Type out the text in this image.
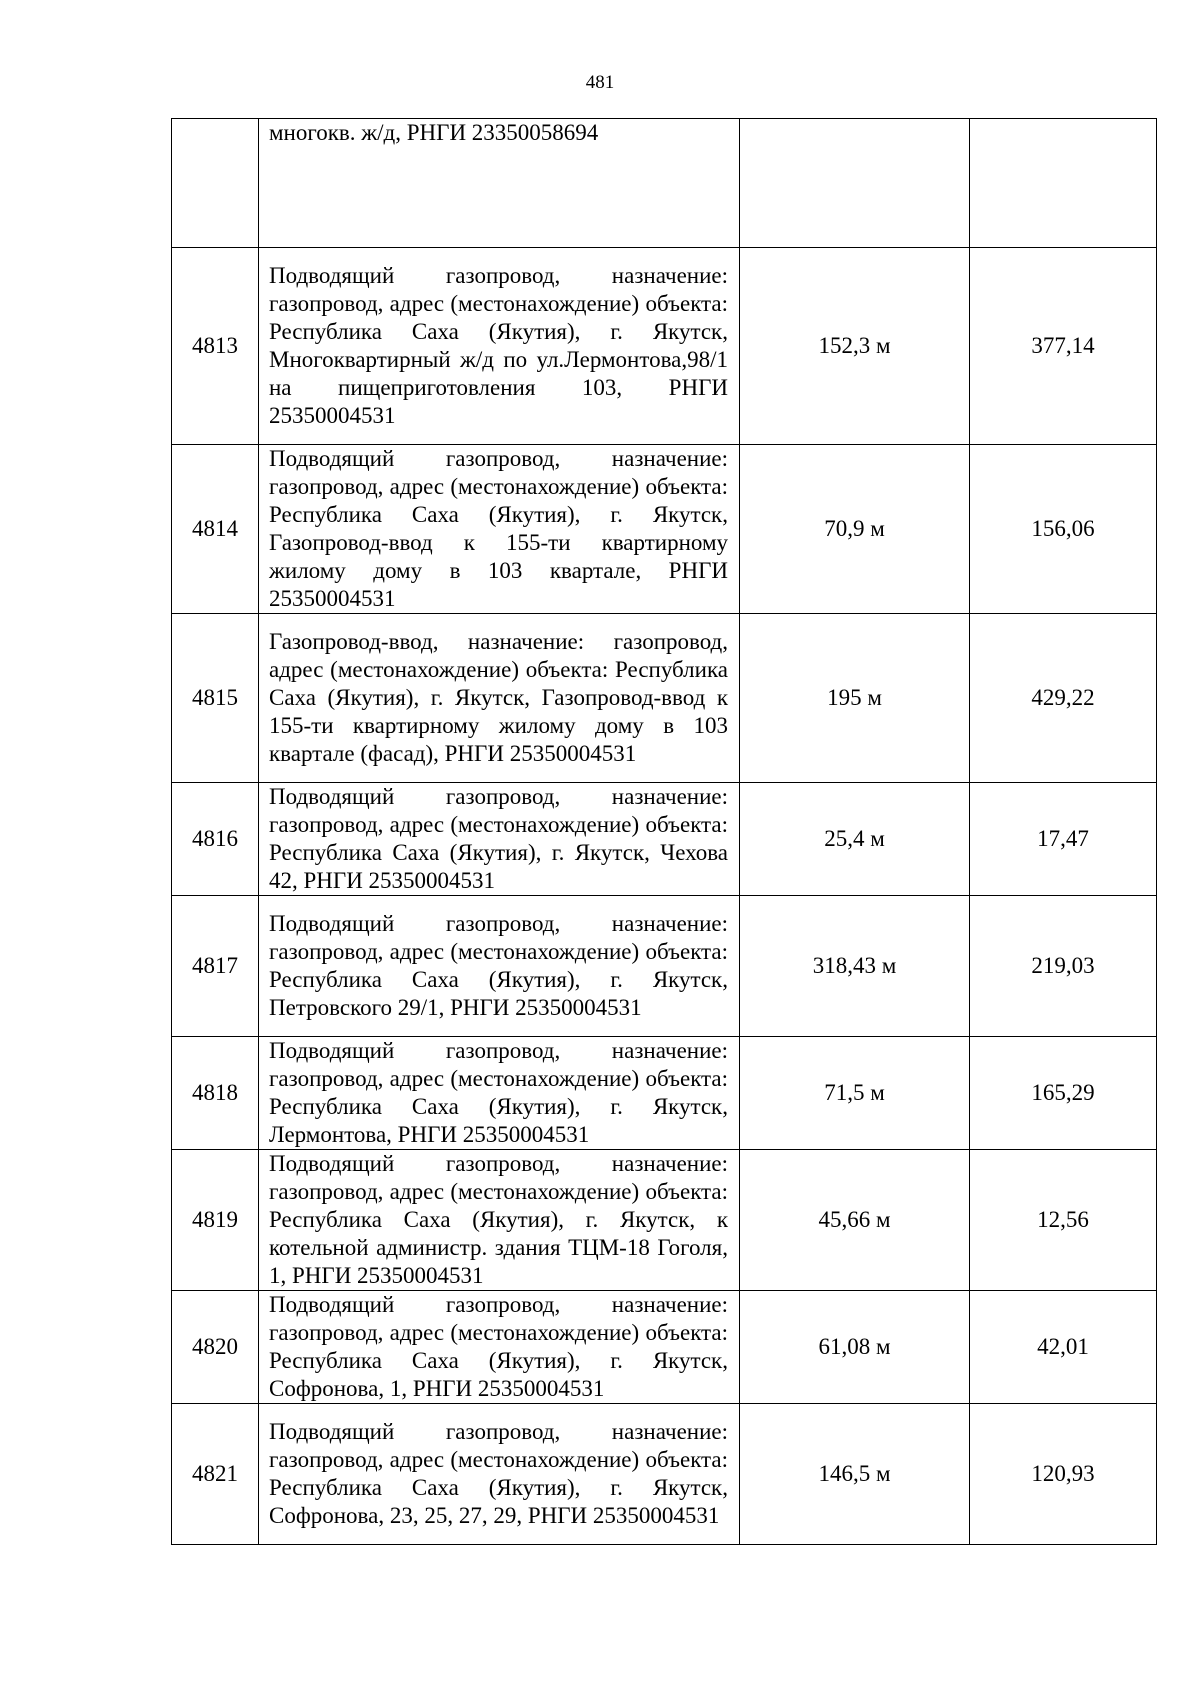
481
	многокв. ж/д, РНГИ 23350058694		
4813	Подводящий газопровод, назначение: газопровод, адрес (местонахождение) объекта: Республика Саха (Якутия), г. Якутск, Многоквартирный ж/д по ул.Лермонтова,98/1 на пищеприготовления 103, РНГИ 25350004531	152,3 м	377,14
4814	Подводящий газопровод, назначение: газопровод, адрес (местонахождение) объекта: Республика Саха (Якутия), г. Якутск, Газопровод-ввод к 155-ти квартирному жилому дому в 103 квартале, РНГИ 25350004531	70,9 м	156,06
4815	Газопровод-ввод, назначение: газопровод, адрес (местонахождение) объекта: Республика Саха (Якутия), г. Якутск, Газопровод-ввод к 155-ти квартирному жилому дому в 103 квартале (фасад), РНГИ 25350004531	195 м	429,22
4816	Подводящий газопровод, назначение: газопровод, адрес (местонахождение) объекта: Республика Саха (Якутия), г. Якутск, Чехова 42, РНГИ 25350004531	25,4 м	17,47
4817	Подводящий газопровод, назначение: газопровод, адрес (местонахождение) объекта: Республика Саха (Якутия), г. Якутск, Петровского 29/1, РНГИ 25350004531	318,43 м	219,03
4818	Подводящий газопровод, назначение: газопровод, адрес (местонахождение) объекта: Республика Саха (Якутия), г. Якутск, Лермонтова, РНГИ 25350004531	71,5 м	165,29
4819	Подводящий газопровод, назначение: газопровод, адрес (местонахождение) объекта: Республика Саха (Якутия), г. Якутск, к котельной администр. здания ТЦМ-18 Гоголя, 1, РНГИ 25350004531	45,66 м	12,56
4820	Подводящий газопровод, назначение: газопровод, адрес (местонахождение) объекта: Республика Саха (Якутия), г. Якутск, Софронова, 1, РНГИ 25350004531	61,08 м	42,01
4821	Подводящий газопровод, назначение: газопровод, адрес (местонахождение) объекта: Республика Саха (Якутия), г. Якутск, Софронова, 23, 25, 27, 29, РНГИ 25350004531	146,5 м	120,93
